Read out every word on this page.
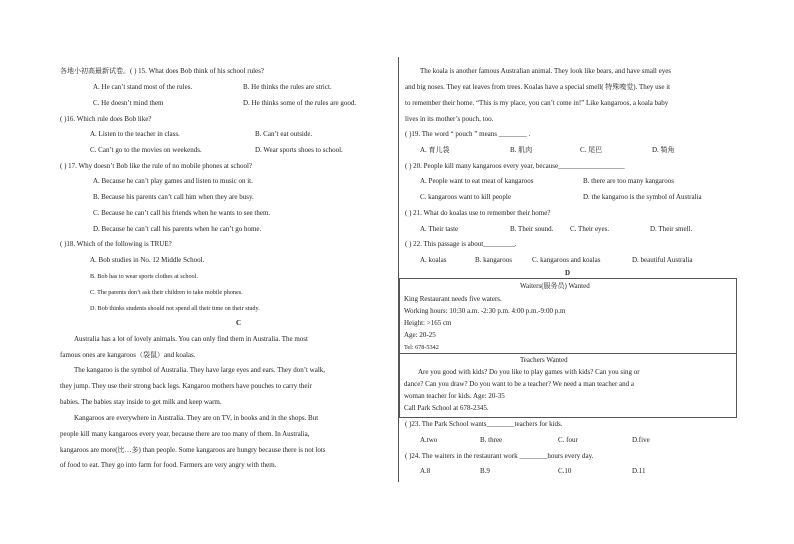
各地小初高最新试卷。( ) 15. What does Bob think of his school rules?
A. He can’t stand most of the rules.	B. He thinks the rules are strict.
C. He doesn’t mind them	D. He thinks some of the rules are good.
( )16. Which rule does Bob like?
A. Listen to the teacher in class.	B. Can’t eat outside.
C. Can’t go to the movies on weekends.	D. Wear sports shoes to school.
( ) 17. Why doesn’t Bob like the rule of no mobile phones at school?
A. Because he can’t play games and listen to music on it.
B. Because his parents can’t call him when they are busy.
C. Because he can’t call his friends when he wants to see them.
D. Because he can’t call his parents when he can’t go home.
( )18. Which of the following is TRUE?
A. Bob studies in No. 12 Middle School.
B. Bob has to wear sports clothes at school.
C. The parents don’t ask their children to take mobile phones.
D. Bob thinks students should not spend all their time on their study.
C
Australia has a lot of lovely animals. You can only find them in Australia. The most
famous ones are kangaroos（袋鼠）and koalas.
The kangaroo is the symbol of Australia. They have large eyes and ears. They don’t walk,
they jump. They use their strong back legs. Kangaroo mothers have pouches to carry their
babies. The babies stay inside to get milk and keep warm.
Kangaroos are everywhere in Australia. They are on TV, in books and in the shops. But
people kill many kangaroos every year, because there are too many of them. In Australia,
kangaroos are more(比…多) than people. Some kangaroos are hungry because there is not lots
of food to eat. They go into farm for food. Farmers are very angry with them.
The koala is another famous Australian animal. They look like bears, and have small eyes
and big noses. They eat leaves from trees. Koalas have a special smell( 特殊嗅觉). They use it
to remember their home. “This is my place, you can’t come in!” Like kangaroos, a koala baby
lives in its mother’s pouch, too.
( )19. The word “ pouch ” means ________ .
A. 育儿袋	B. 肌肉	C. 尾巴	D. 犄角
( ) 20. People kill many kangaroos every year, because___________________
A. People want to eat meat of kangaroos	B. there are too many kangaroos
C. kangaroos want to kill people	D. the kangaroo is the symbol of Australia
( ) 21. What do koalas use to remember their home?
A. Their taste	B. Their sound. C. Their eyes.	D. Their smell.
( ) 22. This passage is about_________.
A. koalas	B. kangaroos	C. kangaroos and koalas	D. beautiful Australia
D
Waiters(服务员) Wanted
King Restaurant needs five waters.
Working hours: 10:30 a.m. -2:30 p.m. 4:00 p.m.-9:00 p.m
Height: >165 cm
Age: 20-25
Tel: 678-5342
Teachers Wanted
Are you good with kids? Do you like to play games with kids? Can you sing or
dance? Can you draw? Do you want to be a teacher? We need a man teacher and a
woman teacher for kids. Age: 20-35
Call Park School at 678-2345.
( )23. The Park School wants________teachers for kids.
A.two	B. three	C. four	D.five
( )24. The waiters in the restaurant work ________hours every day.
A.8	B.9	C.10	D.11
